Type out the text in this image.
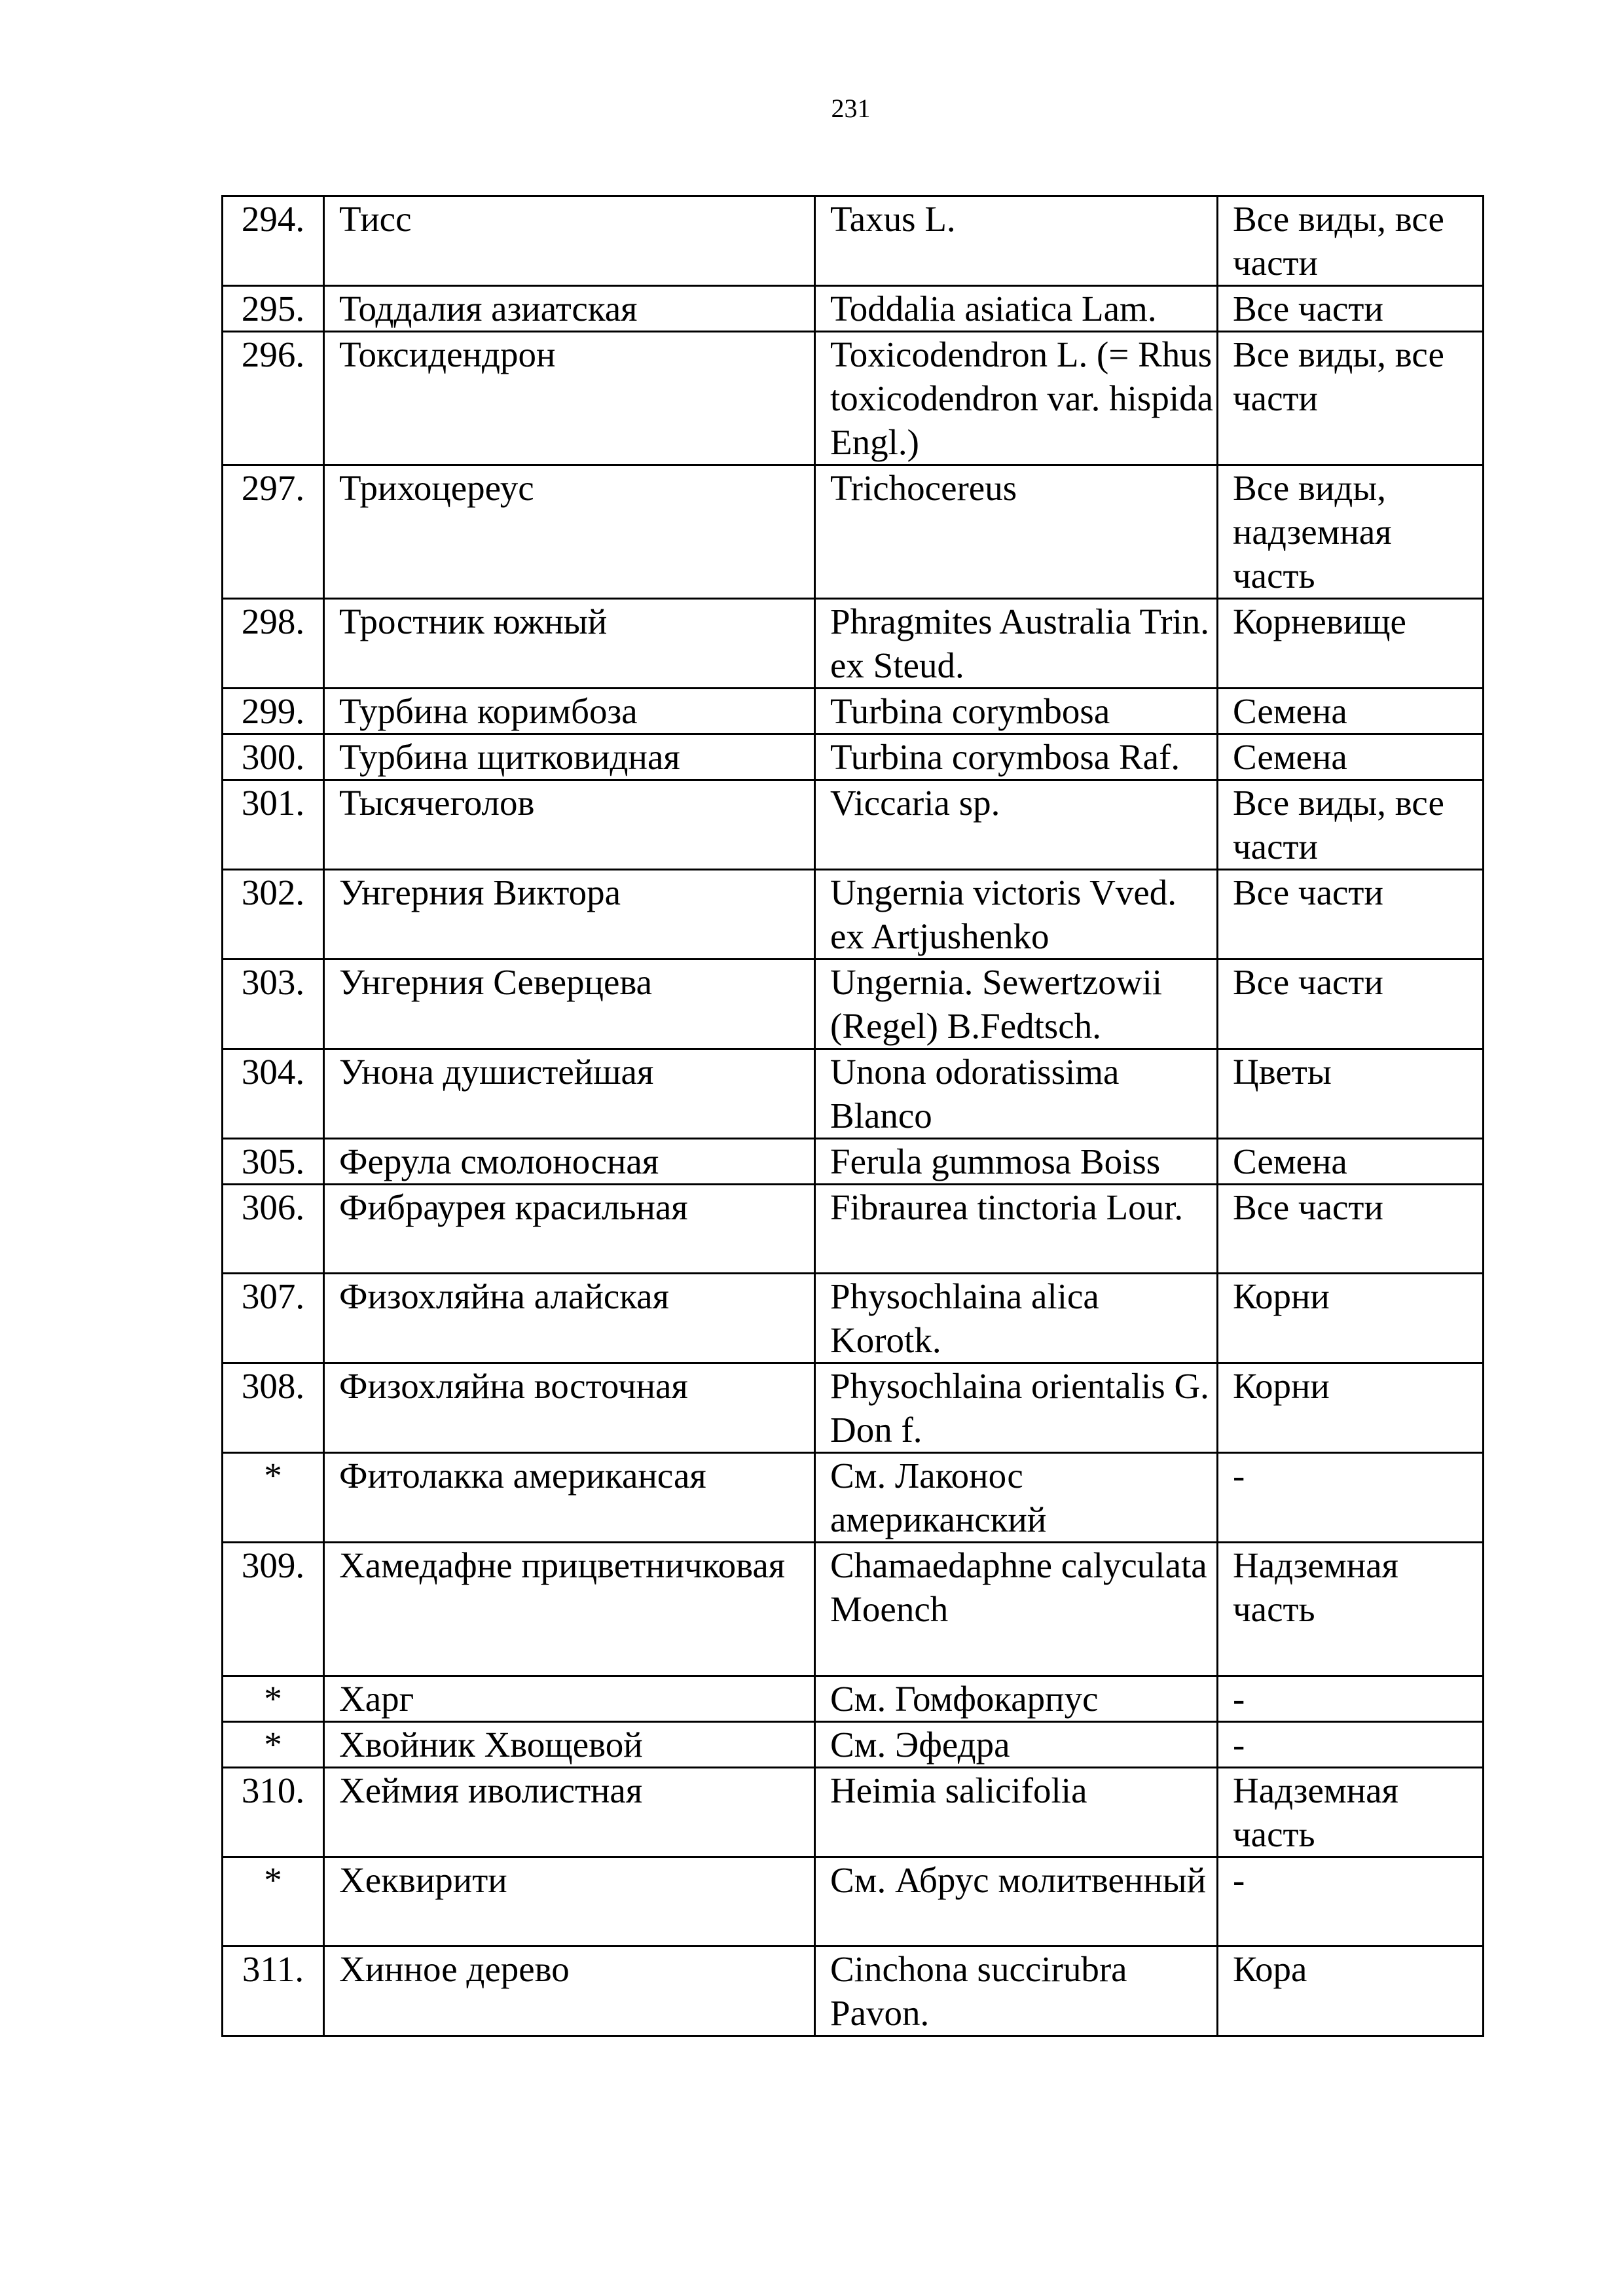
231
294.	Тисс	Taxus L.	Все виды, все части
295.	Тоддалия азиатская	Toddalia asiatica Lam.	Все части
296.	Токсидендрон	Toxicodendron L. (= Rhus toxicodendron var. hispida Engl.)	Все виды, все части
297.	Трихоцереус	Trichocereus	Все виды, надземная часть
298.	Тростник южный	Phragmites Australia Trin. ex Steud.	Корневище
299.	Турбина коримбоза	Turbina corymbosa	Семена
300.	Турбина щитковидная	Turbina corymbosa Raf.	Семена
301.	Тысячеголов	Viccaria sp.	Все виды, все части
302.	Унгерния Виктора	Ungernia victoris Vved. ex Artjushenko	Все части
303.	Унгерния Северцева	Ungernia. Sewertzowii (Regel) B.Fedtsch.	Все части
304.	Унона душистейшая	Unona odoratissima Blanco	Цветы
305.	Ферула смолоносная	Ferula gummosa Boiss	Семена
306.	Фибраурея красильная	Fibraurea tinctoria Lour.	Все части
307.	Физохляйна алайская	Physochlaina alica Korotk.	Корни
308.	Физохляйна восточная	Physochlaina orientalis G. Don f.	Корни
*	Фитолакка американсая	См. Лаконос американский	-
309.	Хамедафне прицветничковая	Chamaedaphne calyculata Moench	Надземная часть
*	Харг	См. Гомфокарпус	-
*	Хвойник Хвощевой	См. Эфедра	-
310.	Хеймия иволистная	Heimia salicifolia	Надземная часть
*	Хеквирити	См. Абрус молитвенный	-
311.	Хинное дерево	Cinchona succirubra Pavon.	Кора
